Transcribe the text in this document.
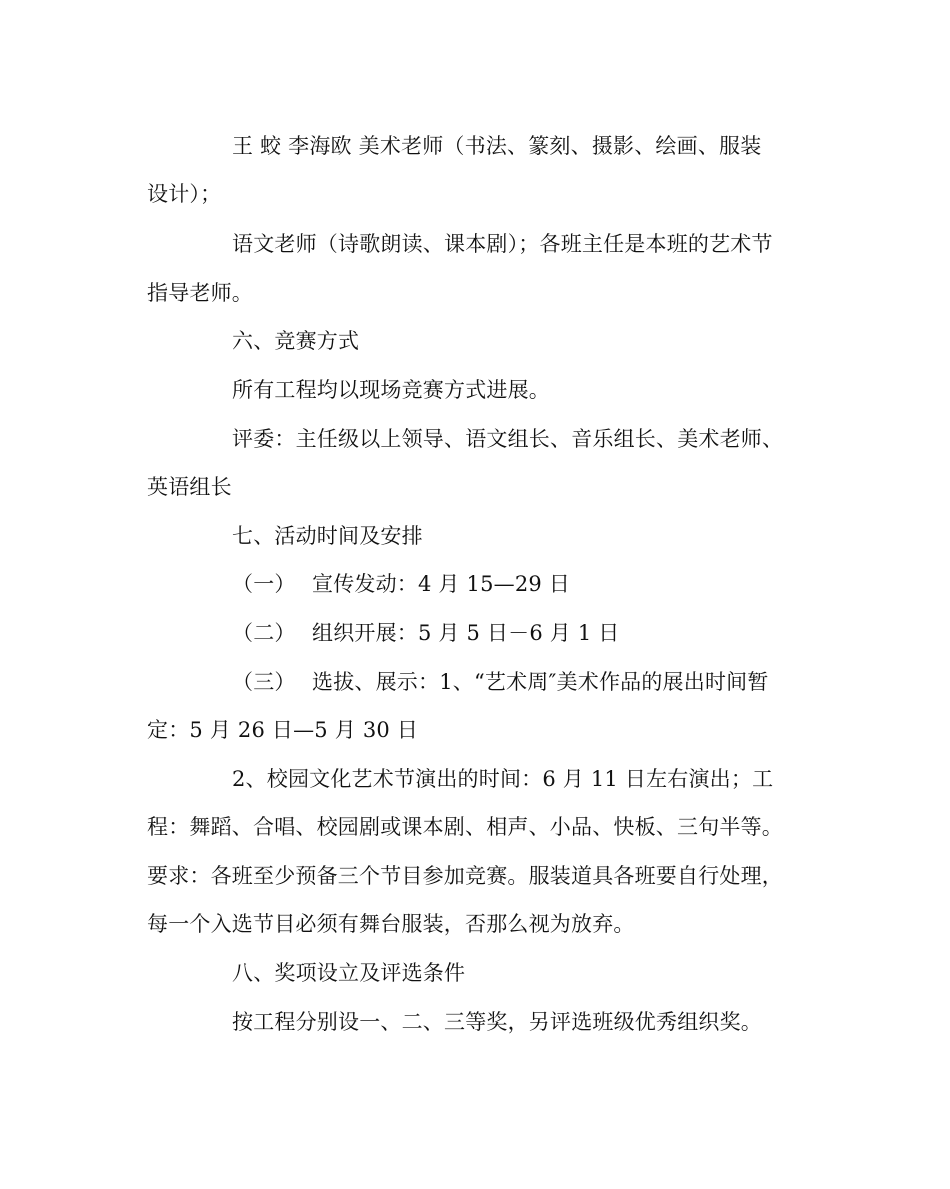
王 蛟 李海欧 美术老师（书法、篆刻、摄影、绘画、服装
设计）；
语文老师（诗歌朗读、课本剧）；各班主任是本班的艺术节
指导老师。
六、竞赛方式
所有工程均以现场竞赛方式进展。
评委：主任级以上领导、语文组长、音乐组长、美术老师、
英语组长
七、活动时间及安排
（一） 宣传发动：4 月 15—29 日
（二） 组织开展：5 月 5 日－6 月 1 日
（三） 选拔、展示：1、“艺术周″美术作品的展出时间暂
定：5 月 26 日—5 月 30 日
2、校园文化艺术节演出的时间：6 月 11 日左右演出；工
程：舞蹈、合唱、校园剧或课本剧、相声、小品、快板、三句半等。
要求：各班至少预备三个节目参加竞赛。服装道具各班要自行处理，
每一个入选节目必须有舞台服装，否那么视为放弃。
八、奖项设立及评选条件
按工程分别设一、二、三等奖，另评选班级优秀组织奖。
